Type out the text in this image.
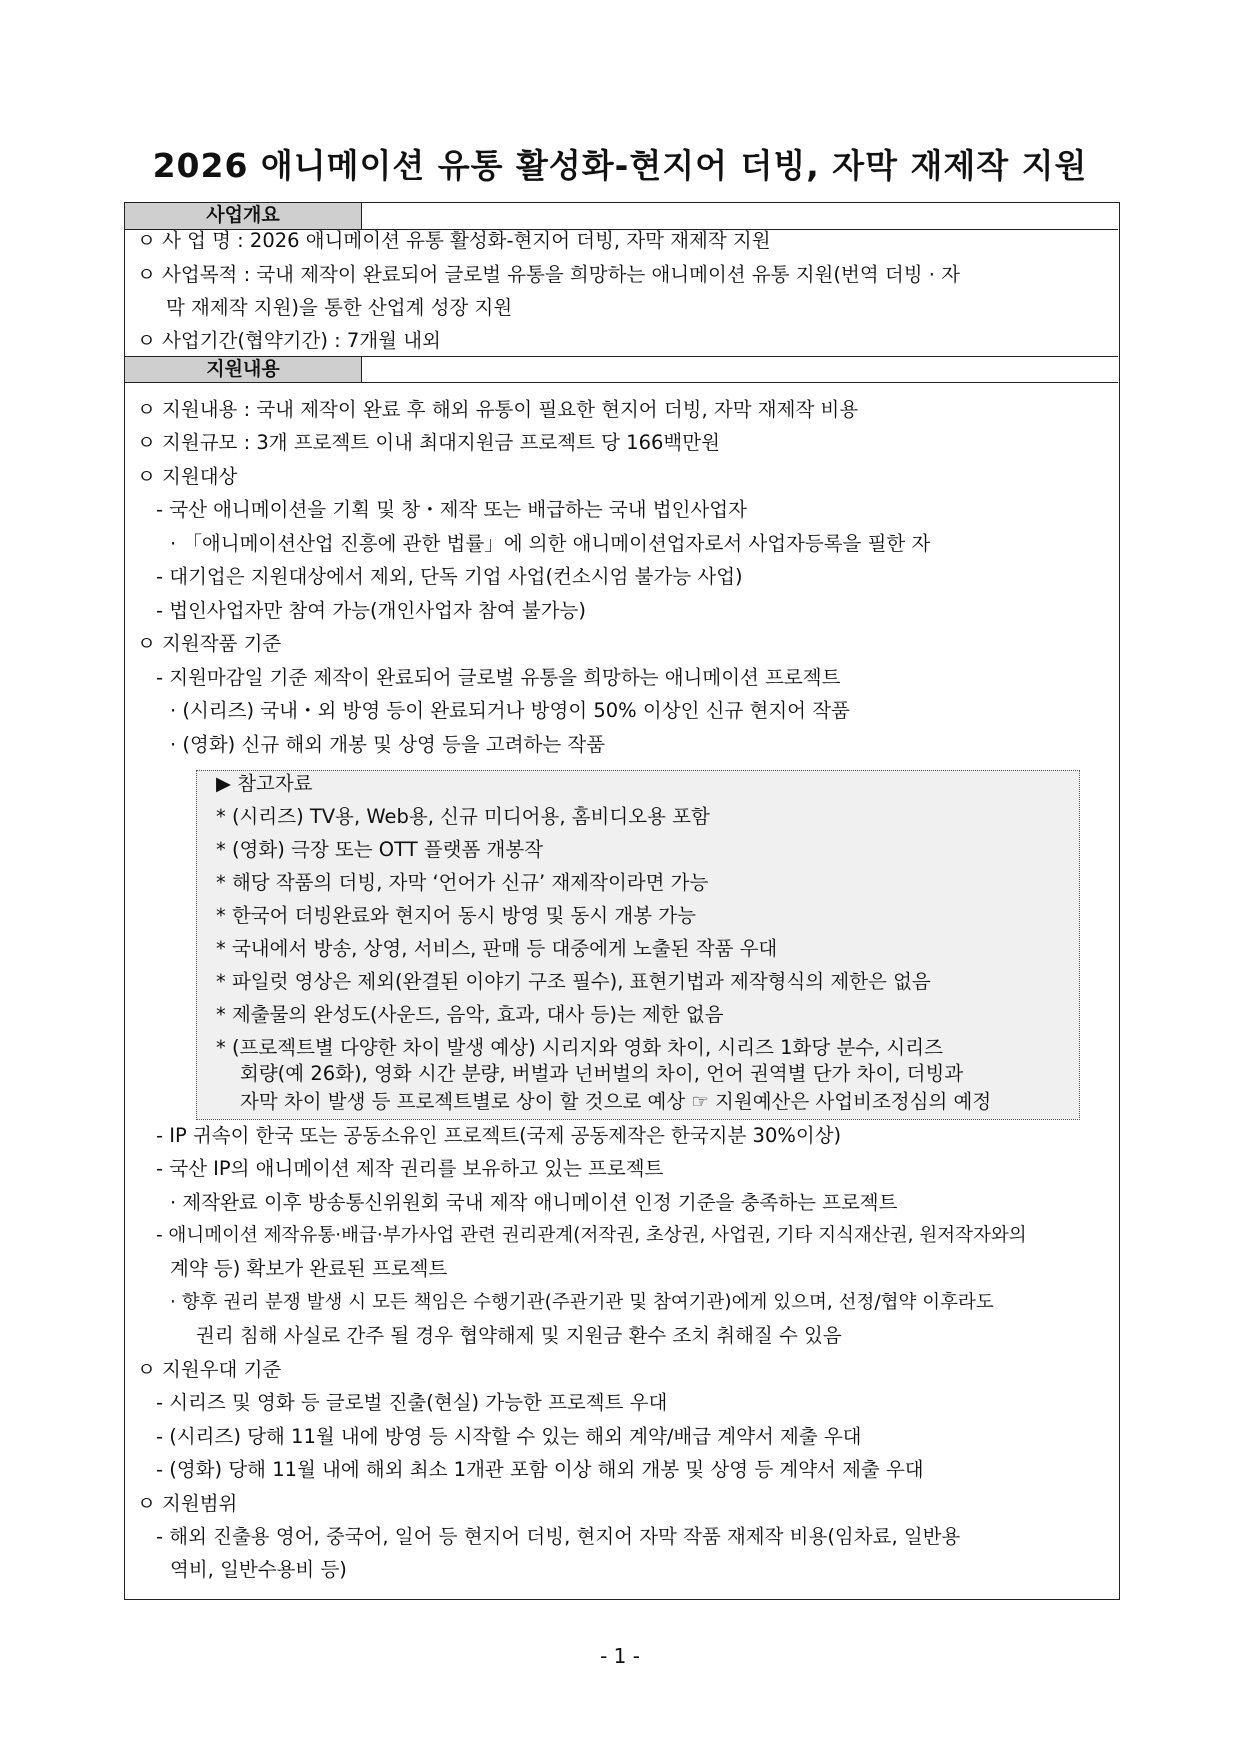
2026 애니메이션 유통 활성화-현지어 더빙, 자막 재제작 지원
사업개요
지원내용
ㅇ 사 업 명 : 2026 애니메이션 유통 활성화-현지어 더빙, 자막 재제작 지원
ㅇ 사업목적 : 국내 제작이 완료되어 글로벌 유통을 희망하는 애니메이션 유통 지원(번역 더빙 · 자
막 재제작 지원)을 통한 산업계 성장 지원
ㅇ 사업기간(협약기간) : 7개월 내외
ㅇ 지원내용 : 국내 제작이 완료 후 해외 유통이 필요한 현지어 더빙, 자막 재제작 비용
ㅇ 지원규모 : 3개 프로젝트 이내 최대지원금 프로젝트 당 166백만원
ㅇ 지원대상
- 국산 애니메이션을 기획 및 창・제작 또는 배급하는 국내 법인사업자
· 「애니메이션산업 진흥에 관한 법률」에 의한 애니메이션업자로서 사업자등록을 필한 자
- 대기업은 지원대상에서 제외, 단독 기업 사업(컨소시엄 불가능 사업)
- 법인사업자만 참여 가능(개인사업자 참여 불가능)
ㅇ 지원작품 기준
- 지원마감일 기준 제작이 완료되어 글로벌 유통을 희망하는 애니메이션 프로젝트
· (시리즈) 국내・외 방영 등이 완료되거나 방영이 50% 이상인 신규 현지어 작품
· (영화) 신규 해외 개봉 및 상영 등을 고려하는 작품
▶ 참고자료
* (시리즈) TV용, Web용, 신규 미디어용, 홈비디오용 포함
* (영화) 극장 또는 OTT 플랫폼 개봉작
* 해당 작품의 더빙, 자막 ‘언어가 신규’ 재제작이라면 가능
* 한국어 더빙완료와 현지어 동시 방영 및 동시 개봉 가능
* 국내에서 방송, 상영, 서비스, 판매 등 대중에게 노출된 작품 우대
* 파일럿 영상은 제외(완결된 이야기 구조 필수), 표현기법과 제작형식의 제한은 없음
* 제출물의 완성도(사운드, 음악, 효과, 대사 등)는 제한 없음
* (프로젝트별 다양한 차이 발생 예상) 시리지와 영화 차이, 시리즈 1화당 분수, 시리즈
회량(예 26화), 영화 시간 분량, 버벌과 넌버벌의 차이, 언어 권역별 단가 차이, 더빙과
자막 차이 발생 등 프로젝트별로 상이 할 것으로 예상 ☞ 지원예산은 사업비조정심의 예정
- IP 귀속이 한국 또는 공동소유인 프로젝트(국제 공동제작은 한국지분 30%이상)
- 국산 IP의 애니메이션 제작 권리를 보유하고 있는 프로젝트
· 제작완료 이후 방송통신위원회 국내 제작 애니메이션 인정 기준을 충족하는 프로젝트
- 애니메이션 제작유통·배급·부가사업 관련 권리관계(저작권, 초상권, 사업권, 기타 지식재산권, 원저작자와의
계약 등) 확보가 완료된 프로젝트
· 향후 권리 분쟁 발생 시 모든 책임은 수행기관(주관기관 및 참여기관)에게 있으며, 선정/협약 이후라도
권리 침해 사실로 간주 될 경우 협약해제 및 지원금 환수 조치 취해질 수 있음
ㅇ 지원우대 기준
- 시리즈 및 영화 등 글로벌 진출(현실) 가능한 프로젝트 우대
- (시리즈) 당해 11월 내에 방영 등 시작할 수 있는 해외 계약/배급 계약서 제출 우대
- (영화) 당해 11월 내에 해외 최소 1개관 포함 이상 해외 개봉 및 상영 등 계약서 제출 우대
ㅇ 지원범위
- 해외 진출용 영어, 중국어, 일어 등 현지어 더빙, 현지어 자막 작품 재제작 비용(임차료, 일반용
역비, 일반수용비 등)
- 1 -
